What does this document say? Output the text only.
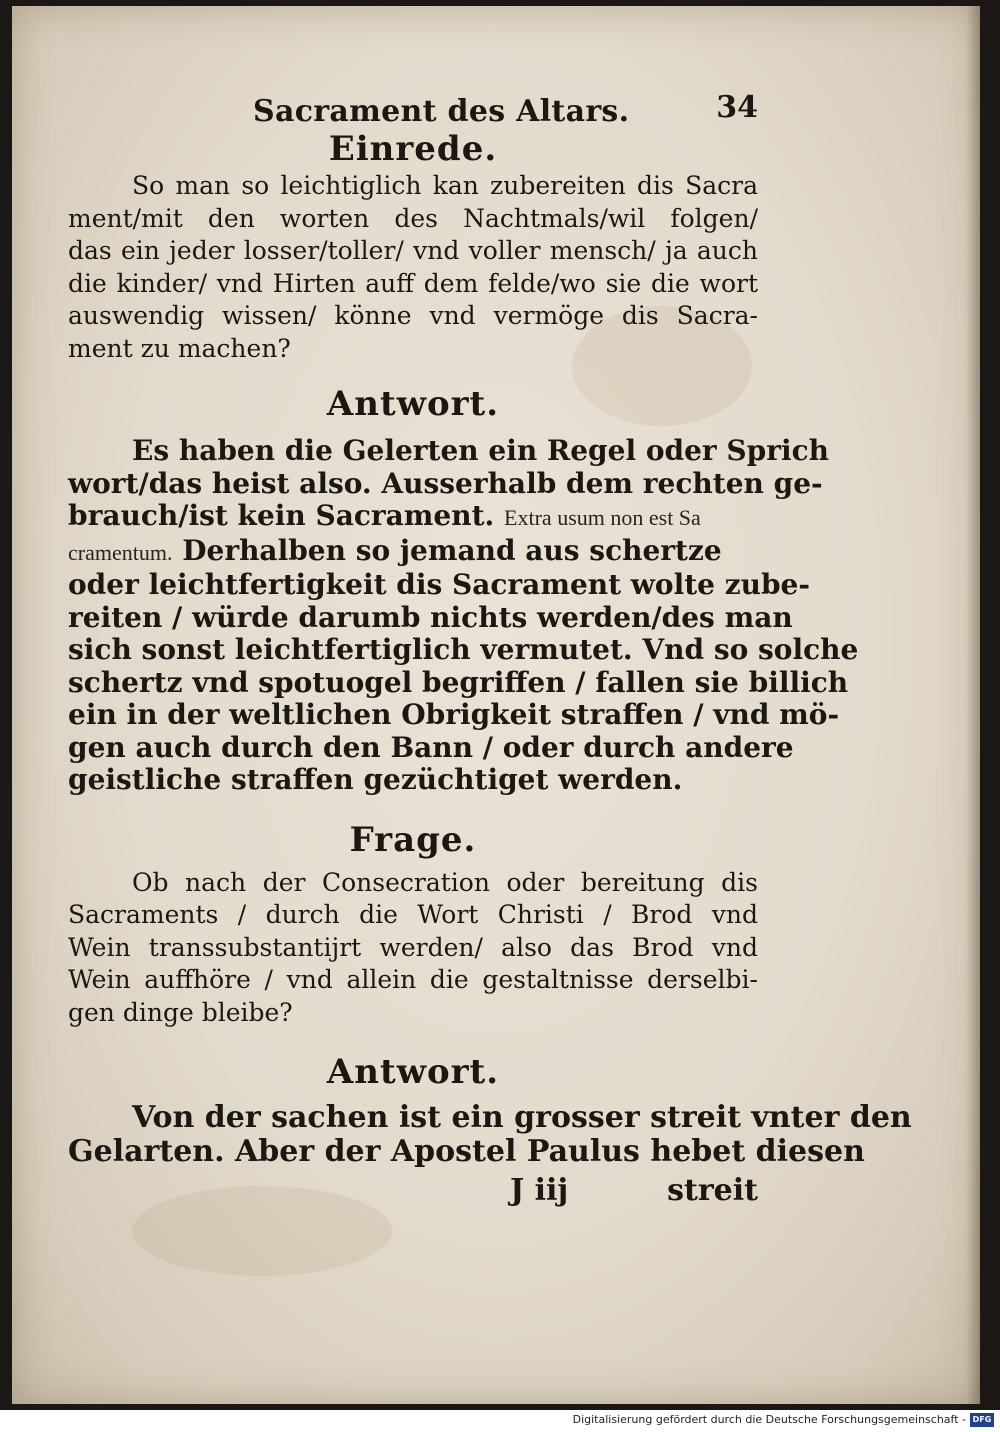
Sacrament des Altars.	34
Einrede.
So man so leichtiglich kan zubereiten dis Sacra
ment/mit den worten des Nachtmals/wil folgen/
das ein jeder losser/toller/ vnd voller mensch/ ja auch
die kinder/ vnd Hirten auff dem felde/wo sie die wort
auswendig wissen/ könne vnd vermöge dis Sacra-
ment zu machen?
Antwort.
Es haben die Gelerten ein Regel oder Sprich
wort/das heist also. Ausserhalb dem rechten ge-
brauch/ist kein Sacrament. Extra usum non est Sa
cramentum. Derhalben so jemand aus schertze
oder leichtfertigkeit dis Sacrament wolte zube-
reiten / würde darumb nichts werden/des man
sich sonst leichtfertiglich vermutet. Vnd so solche
schertz vnd spotuogel begriffen / fallen sie billich
ein in der weltlichen Obrigkeit straffen / vnd mö-
gen auch durch den Bann / oder durch andere
geistliche straffen gezüchtiget werden.
Frage.
Ob nach der Consecration oder bereitung dis
Sacraments / durch die Wort Christi / Brod vnd
Wein transsubstantijrt werden/ also das Brod vnd
Wein auffhöre / vnd allein die gestaltnisse derselbi-
gen dinge bleibe?
Antwort.
Von der sachen ist ein grosser streit vnter den
Gelarten. Aber der Apostel Paulus hebet diesen
J iij	streit
Digitalisierung gefördert durch die Deutsche Forschungsgemeinschaft - DFG
